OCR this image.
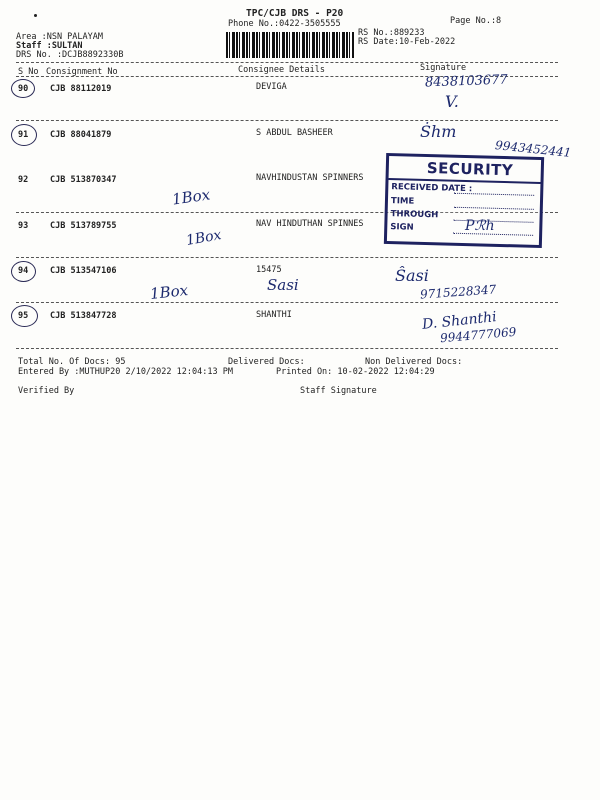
TPC/CJB DRS - P20
Phone No.:0422-3505555	Page No.:8
RS No.:889233
RS Date:10-Feb-2022
Area :NSN PALAYAM
Staff :SULTAN
DRS No. :DCJB8892330B
S No Consignment No	Consignee Details	Signature
90	CJB 88112019	DEVIGA	8438103677
V.
91	CJB 88041879	S ABDUL BASHEER	Ṡhm
9943452441
92	CJB 513870347	NAVHINDUSTAN SPINNERS
1Box
93	CJB 513789755	NAV HINDUTHAN SPINNES
1Box
SECURITY
RECEIVED DATE :
TIME
THROUGH
SIGN	Pℛh
94	CJB 513547106	15475
Sasi
1Box
Ŝasi
9715228347
95	CJB 513847728	SHANTHI	D. Shanthi
9944777069
Total No. Of Docs: 95	Delivered Docs:	Non Delivered Docs:
Entered By :MUTHUP20 2/10/2022 12:04:13 PM	Printed On: 10-02-2022 12:04:29
Verified By	Staff Signature
